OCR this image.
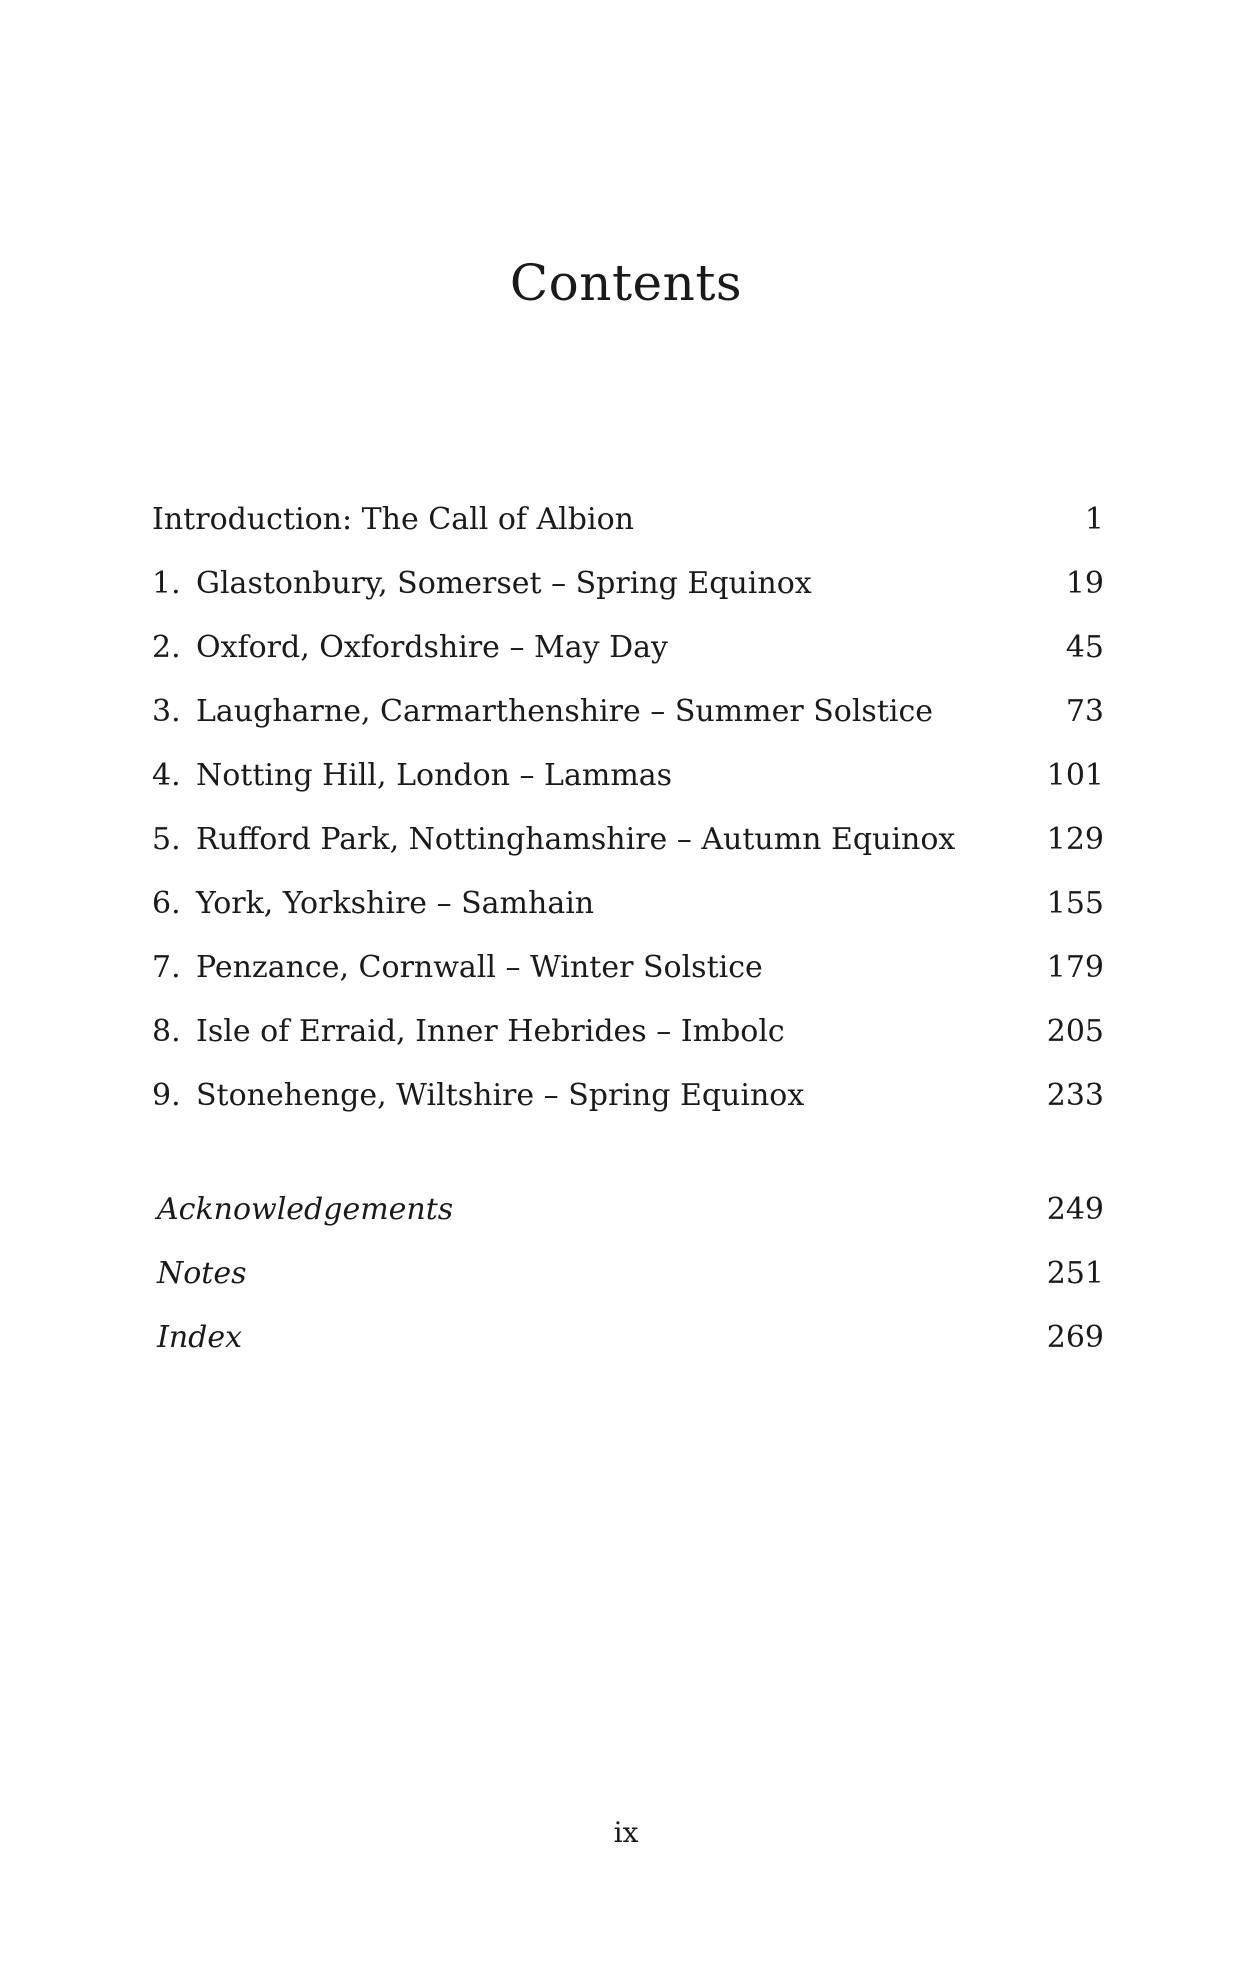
Contents
Introduction: The Call of Albion	1
1. Glastonbury, Somerset – Spring Equinox	19
2. Oxford, Oxfordshire – May Day	45
3. Laugharne, Carmarthenshire – Summer Solstice	73
4. Notting Hill, London – Lammas	101
5. Rufford Park, Nottinghamshire – Autumn Equinox	129
6. York, Yorkshire – Samhain	155
7. Penzance, Cornwall – Winter Solstice	179
8. Isle of Erraid, Inner Hebrides – Imbolc	205
9. Stonehenge, Wiltshire – Spring Equinox	233
Acknowledgements	249
Notes	251
Index	269
ix
